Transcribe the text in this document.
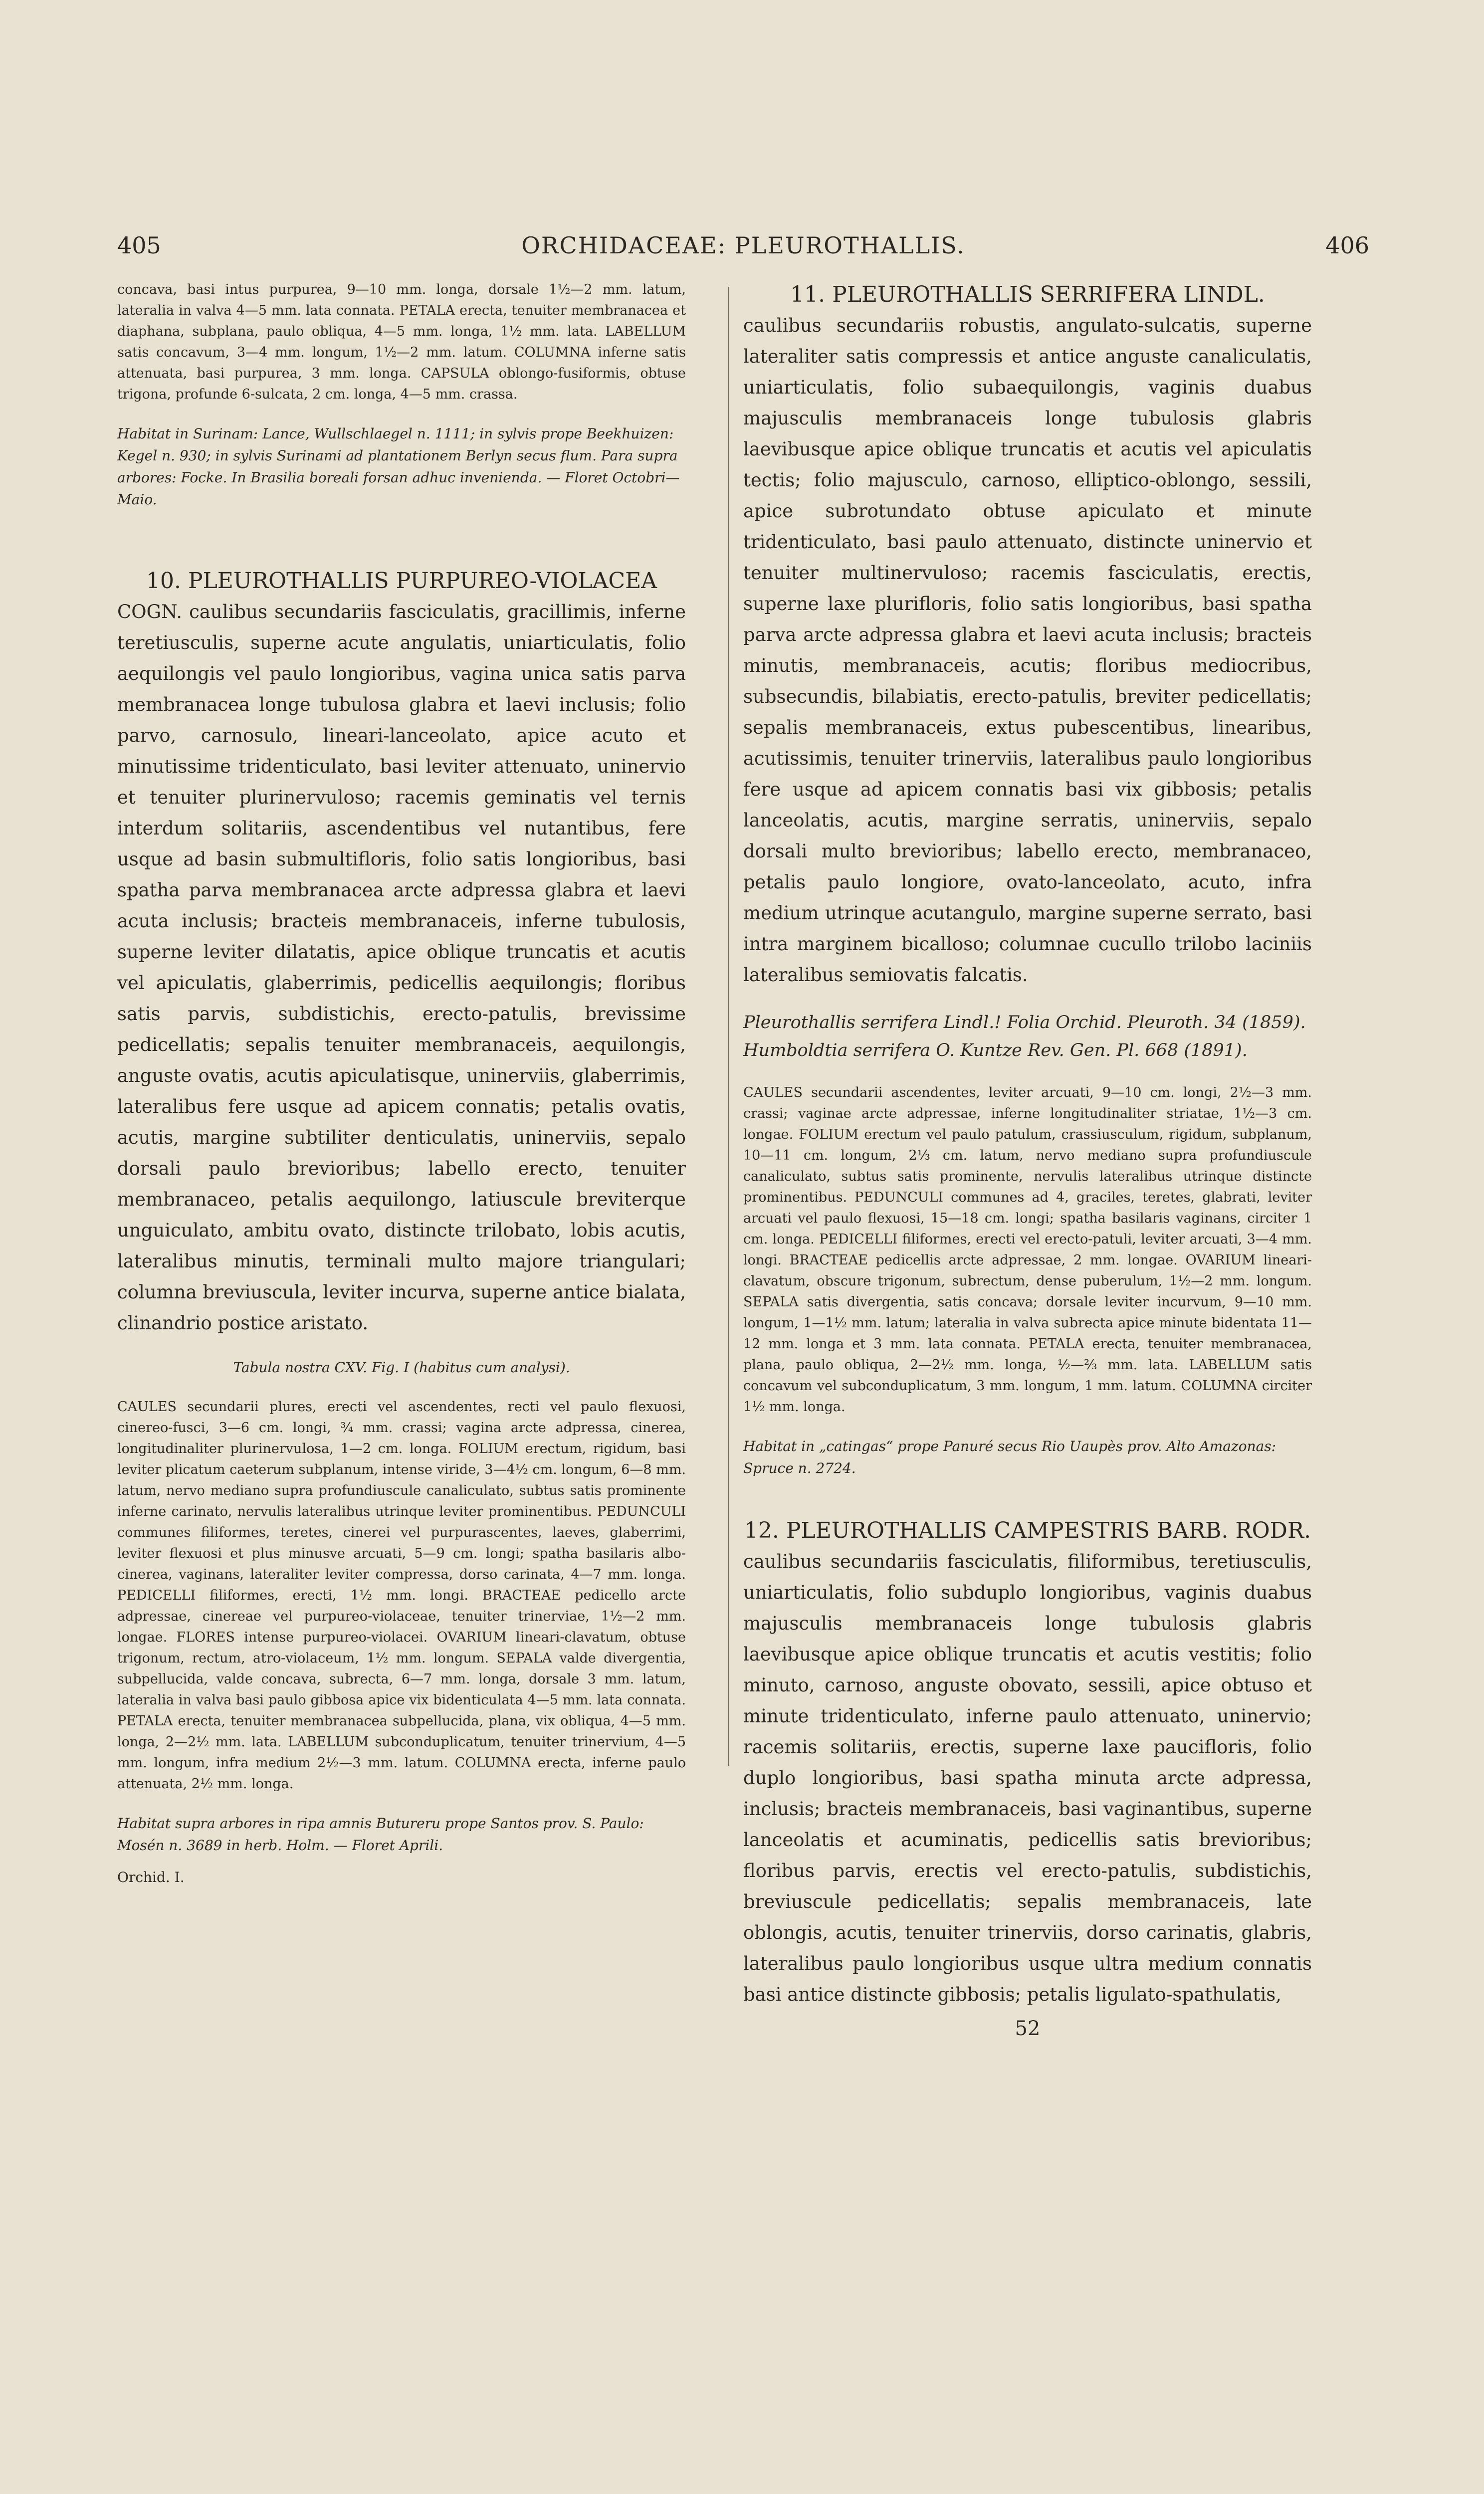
405	ORCHIDACEAE: PLEUROTHALLIS.	406

concava, basi intus purpurea, 9—10 mm. longa, dorsale 1½—2 mm. latum, lateralia in valva 4—5 mm. lata connata. PETALA erecta, tenuiter membranacea et diaphana, subplana, paulo obliqua, 4—5 mm. longa, 1½ mm. lata. LABELLUM satis concavum, 3—4 mm. longum, 1½—2 mm. latum. COLUMNA inferne satis attenuata, basi purpurea, 3 mm. longa. CAPSULA oblongo-fusiformis, obtuse trigona, profunde 6-sulcata, 2 cm. longa, 4—5 mm. crassa.

Habitat in Surinam: Lance, Wullschlaegel n. 1111; in sylvis prope Beekhuizen: Kegel n. 930; in sylvis Surinami ad plantationem Berlyn secus flum. Para supra arbores: Focke. In Brasilia boreali forsan adhuc invenienda. — Floret Octobri—Maio.

10. PLEUROTHALLIS PURPUREO-VIOLACEA

COGN. caulibus secundariis fasciculatis, gracillimis, inferne teretiusculis, superne acute angulatis, uniarticulatis, folio aequilongis vel paulo longioribus, vagina unica satis parva membranacea longe tubulosa glabra et laevi inclusis; folio parvo, carnosulo, lineari-lanceolato, apice acuto et minutissime tridenticulato, basi leviter attenuato, uninervio et tenuiter plurinervuloso; racemis geminatis vel ternis interdum solitariis, ascendentibus vel nutantibus, fere usque ad basin submultifloris, folio satis longioribus, basi spatha parva membranacea arcte adpressa glabra et laevi acuta inclusis; bracteis membranaceis, inferne tubulosis, superne leviter dilatatis, apice oblique truncatis et acutis vel apiculatis, glaberrimis, pedicellis aequilongis; floribus satis parvis, subdistichis, erecto-patulis, brevissime pedicellatis; sepalis tenuiter membranaceis, aequilongis, anguste ovatis, acutis apiculatisque, uninerviis, glaberrimis, lateralibus fere usque ad apicem connatis; petalis ovatis, acutis, margine subtiliter denticulatis, uninerviis, sepalo dorsali paulo brevioribus; labello erecto, tenuiter membranaceo, petalis aequilongo, latiuscule breviterque unguiculato, ambitu ovato, distincte trilobato, lobis acutis, lateralibus minutis, terminali multo majore triangulari; columna breviuscula, leviter incurva, superne antice bialata, clinandrio postice aristato.

Tabula nostra CXV. Fig. I (habitus cum analysi).

CAULES secundarii plures, erecti vel ascendentes, recti vel paulo flexuosi, cinereo-fusci, 3—6 cm. longi, ¾ mm. crassi; vagina arcte adpressa, cinerea, longitudinaliter plurinervulosa, 1—2 cm. longa. FOLIUM erectum, rigidum, basi leviter plicatum caeterum subplanum, intense viride, 3—4½ cm. longum, 6—8 mm. latum, nervo mediano supra profundiuscule canaliculato, subtus satis prominente inferne carinato, nervulis lateralibus utrinque leviter prominentibus. PEDUNCULI communes filiformes, teretes, cinerei vel purpurascentes, laeves, glaberrimi, leviter flexuosi et plus minusve arcuati, 5—9 cm. longi; spatha basilaris albo-cinerea, vaginans, lateraliter leviter compressa, dorso carinata, 4—7 mm. longa. PEDICELLI filiformes, erecti, 1½ mm. longi. BRACTEAE pedicello arcte adpressae, cinereae vel purpureo-violaceae, tenuiter trinerviae, 1½—2 mm. longae. FLORES intense purpureo-violacei. OVARIUM lineari-clavatum, obtuse trigonum, rectum, atro-violaceum, 1½ mm. longum. SEPALA valde divergentia, subpellucida, valde concava, subrecta, 6—7 mm. longa, dorsale 3 mm. latum, lateralia in valva basi paulo gibbosa apice vix bidenticulata 4—5 mm. lata connata. PETALA erecta, tenuiter membranacea subpellucida, plana, vix obliqua, 4—5 mm. longa, 2—2½ mm. lata. LABELLUM subconduplicatum, tenuiter trinervium, 4—5 mm. longum, infra medium 2½—3 mm. latum. COLUMNA erecta, inferne paulo attenuata, 2½ mm. longa.

Habitat supra arbores in ripa amnis Butureru prope Santos prov. S. Paulo: Mosén n. 3689 in herb. Holm. — Floret Aprili.

Orchid. I.

11. PLEUROTHALLIS SERRIFERA LINDL.

caulibus secundariis robustis, angulato-sulcatis, superne lateraliter satis compressis et antice anguste canaliculatis, uniarticulatis, folio subaequilongis, vaginis duabus majusculis membranaceis longe tubulosis glabris laevibusque apice oblique truncatis et acutis vel apiculatis tectis; folio majusculo, carnoso, elliptico-oblongo, sessili, apice subrotundato obtuse apiculato et minute tridenticulato, basi paulo attenuato, distincte uninervio et tenuiter multinervuloso; racemis fasciculatis, erectis, superne laxe plurifloris, folio satis longioribus, basi spatha parva arcte adpressa glabra et laevi acuta inclusis; bracteis minutis, membranaceis, acutis; floribus mediocribus, subsecundis, bilabiatis, erecto-patulis, breviter pedicellatis; sepalis membranaceis, extus pubescentibus, linearibus, acutissimis, tenuiter trinerviis, lateralibus paulo longioribus fere usque ad apicem connatis basi vix gibbosis; petalis lanceolatis, acutis, margine serratis, uninerviis, sepalo dorsali multo brevioribus; labello erecto, membranaceo, petalis paulo longiore, ovato-lanceolato, acuto, infra medium utrinque acutangulo, margine superne serrato, basi intra marginem bicalloso; columnae cucullo trilobo laciniis lateralibus semiovatis falcatis.

Pleurothallis serrifera Lindl.! Folia Orchid. Pleuroth. 34 (1859).

Humboldtia serrifera O. Kuntze Rev. Gen. Pl. 668 (1891).

CAULES secundarii ascendentes, leviter arcuati, 9—10 cm. longi, 2½—3 mm. crassi; vaginae arcte adpressae, inferne longitudinaliter striatae, 1½—3 cm. longae. FOLIUM erectum vel paulo patulum, crassiusculum, rigidum, subplanum, 10—11 cm. longum, 2⅓ cm. latum, nervo mediano supra profundiuscule canaliculato, subtus satis prominente, nervulis lateralibus utrinque distincte prominentibus. PEDUNCULI communes ad 4, graciles, teretes, glabrati, leviter arcuati vel paulo flexuosi, 15—18 cm. longi; spatha basilaris vaginans, circiter 1 cm. longa. PEDICELLI filiformes, erecti vel erecto-patuli, leviter arcuati, 3—4 mm. longi. BRACTEAE pedicellis arcte adpressae, 2 mm. longae. OVARIUM lineari-clavatum, obscure trigonum, subrectum, dense puberulum, 1½—2 mm. longum. SEPALA satis divergentia, satis concava; dorsale leviter incurvum, 9—10 mm. longum, 1—1½ mm. latum; lateralia in valva subrecta apice minute bidentata 11—12 mm. longa et 3 mm. lata connata. PETALA erecta, tenuiter membranacea, plana, paulo obliqua, 2—2½ mm. longa, ½—⅔ mm. lata. LABELLUM satis concavum vel subconduplicatum, 3 mm. longum, 1 mm. latum. COLUMNA circiter 1½ mm. longa.

Habitat in „catingas“ prope Panuré secus Rio Uaupès prov. Alto Amazonas: Spruce n. 2724.

12. PLEUROTHALLIS CAMPESTRIS BARB. RODR.

caulibus secundariis fasciculatis, filiformibus, teretiusculis, uniarticulatis, folio subduplo longioribus, vaginis duabus majusculis membranaceis longe tubulosis glabris laevibusque apice oblique truncatis et acutis vestitis; folio minuto, carnoso, anguste obovato, sessili, apice obtuso et minute tridenticulato, inferne paulo attenuato, uninervio; racemis solitariis, erectis, superne laxe paucifloris, folio duplo longioribus, basi spatha minuta arcte adpressa, inclusis; bracteis membranaceis, basi vaginantibus, superne lanceolatis et acuminatis, pedicellis satis brevioribus; floribus parvis, erectis vel erecto-patulis, subdistichis, breviuscule pedicellatis; sepalis membranaceis, late oblongis, acutis, tenuiter trinerviis, dorso carinatis, glabris, lateralibus paulo longioribus usque ultra medium connatis basi antice distincte gibbosis; petalis ligulato-spathulatis,

52
